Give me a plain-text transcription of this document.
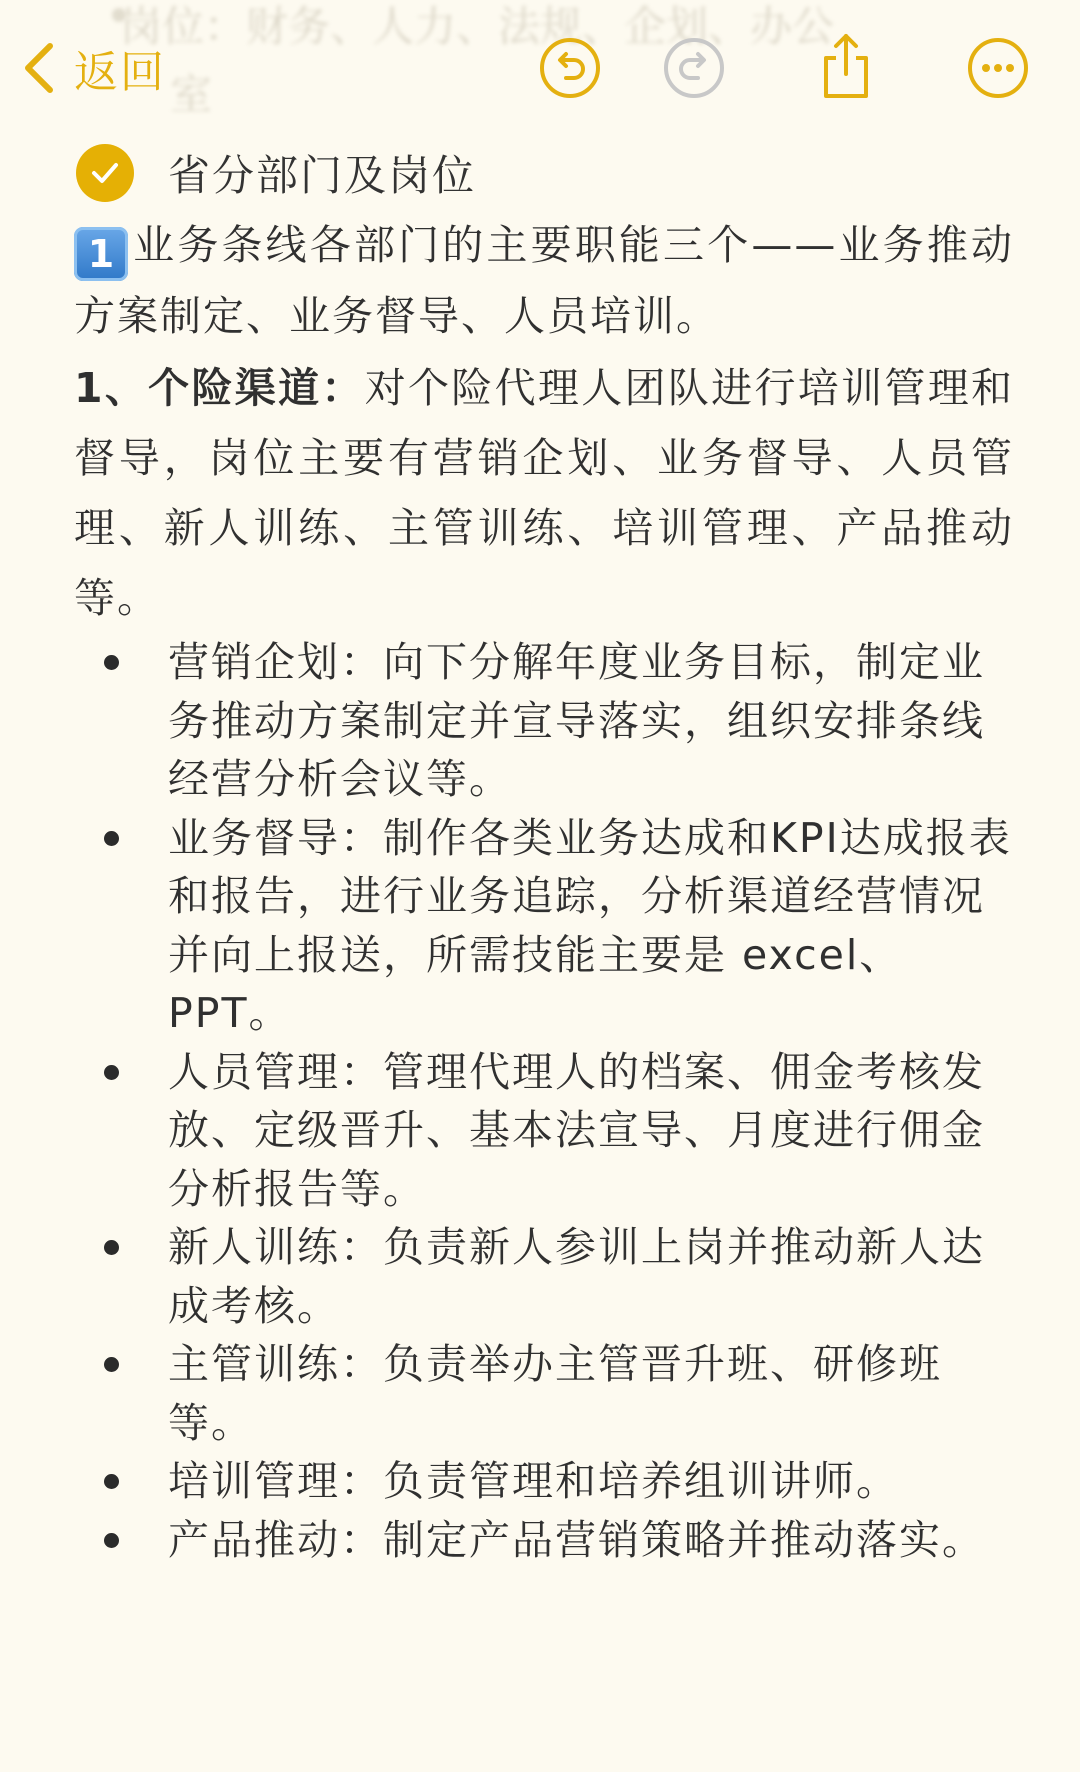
岗位：财务、人力、法规、企划、办公
室
返回
省分部门及岗位

1 业务条线各部门的主要职能三个——业务推动方案制定、业务督导、人员培训。

1、个险渠道：对个险代理人团队进行培训管理和督导，岗位主要有营销企划、业务督导、人员管理、新人训练、主管训练、培训管理、产品推动等。

营销企划：向下分解年度业务目标，制定业务推动方案制定并宣导落实，组织安排条线经营分析会议等。
业务督导：制作各类业务达成和KPI达成报表和报告，进行业务追踪，分析渠道经营情况并向上报送，所需技能主要是 excel、PPT。
人员管理：管理代理人的档案、佣金考核发放、定级晋升、基本法宣导、月度进行佣金分析报告等。
新人训练：负责新人参训上岗并推动新人达成考核。
主管训练：负责举办主管晋升班、研修班等。
培训管理：负责管理和培养组训讲师。
产品推动：制定产品营销策略并推动落实。
